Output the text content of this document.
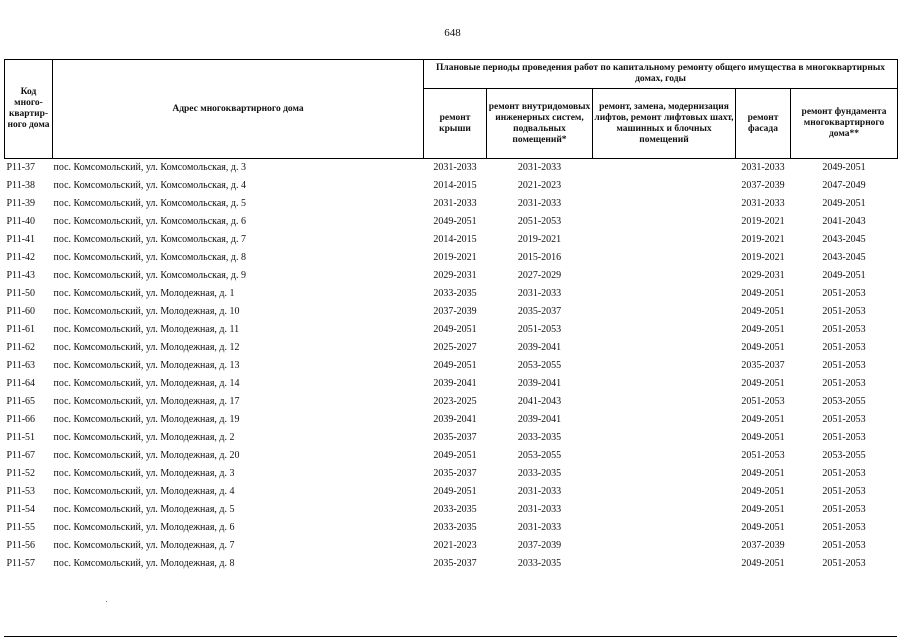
648
Код много-квартир-ного дома	Адрес многоквартирного дома	Плановые периоды проведения работ по капитальному ремонту общего имущества в многоквартирных домах, годы				
		ремонт крыши	ремонт внутридомовых инженерных систем, подвальных помещений*	ремонт, замена, модернизация лифтов, ремонт лифтовых шахт, машинных и блочных помещений	ремонт фасада	ремонт фундамента многоквартирного дома**
Р11-37	пос. Комсомольский, ул. Комсомольская, д. 3	2031-2033	2031-2033		2031-2033	2049-2051
Р11-38	пос. Комсомольский, ул. Комсомольская, д. 4	2014-2015	2021-2023		2037-2039	2047-2049
Р11-39	пос. Комсомольский, ул. Комсомольская, д. 5	2031-2033	2031-2033		2031-2033	2049-2051
Р11-40	пос. Комсомольский, ул. Комсомольская, д. 6	2049-2051	2051-2053		2019-2021	2041-2043
Р11-41	пос. Комсомольский, ул. Комсомольская, д. 7	2014-2015	2019-2021		2019-2021	2043-2045
Р11-42	пос. Комсомольский, ул. Комсомольская, д. 8	2019-2021	2015-2016		2019-2021	2043-2045
Р11-43	пос. Комсомольский, ул. Комсомольская, д. 9	2029-2031	2027-2029		2029-2031	2049-2051
Р11-50	пос. Комсомольский, ул. Молодежная, д. 1	2033-2035	2031-2033		2049-2051	2051-2053
Р11-60	пос. Комсомольский, ул. Молодежная, д. 10	2037-2039	2035-2037		2049-2051	2051-2053
Р11-61	пос. Комсомольский, ул. Молодежная, д. 11	2049-2051	2051-2053		2049-2051	2051-2053
Р11-62	пос. Комсомольский, ул. Молодежная, д. 12	2025-2027	2039-2041		2049-2051	2051-2053
Р11-63	пос. Комсомольский, ул. Молодежная, д. 13	2049-2051	2053-2055		2035-2037	2051-2053
Р11-64	пос. Комсомольский, ул. Молодежная, д. 14	2039-2041	2039-2041		2049-2051	2051-2053
Р11-65	пос. Комсомольский, ул. Молодежная, д. 17	2023-2025	2041-2043		2051-2053	2053-2055
Р11-66	пос. Комсомольский, ул. Молодежная, д. 19	2039-2041	2039-2041		2049-2051	2051-2053
Р11-51	пос. Комсомольский, ул. Молодежная, д. 2	2035-2037	2033-2035		2049-2051	2051-2053
Р11-67	пос. Комсомольский, ул. Молодежная, д. 20	2049-2051	2053-2055		2051-2053	2053-2055
Р11-52	пос. Комсомольский, ул. Молодежная, д. 3	2035-2037	2033-2035		2049-2051	2051-2053
Р11-53	пос. Комсомольский, ул. Молодежная, д. 4	2049-2051	2031-2033		2049-2051	2051-2053
Р11-54	пос. Комсомольский, ул. Молодежная, д. 5	2033-2035	2031-2033		2049-2051	2051-2053
Р11-55	пос. Комсомольский, ул. Молодежная, д. 6	2033-2035	2031-2033		2049-2051	2051-2053
Р11-56	пос. Комсомольский, ул. Молодежная, д. 7	2021-2023	2037-2039		2037-2039	2051-2053
Р11-57	пос. Комсомольский, ул. Молодежная, д. 8	2035-2037	2033-2035		2049-2051	2051-2053
